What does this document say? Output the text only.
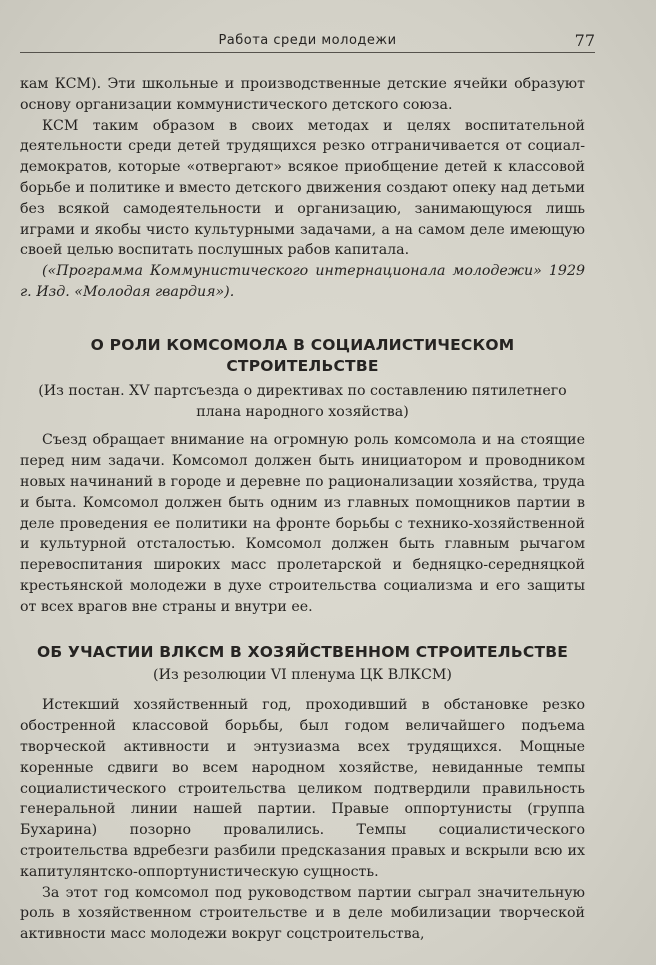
Работа среди молодежи	77

кам КСМ). Эти школьные и производственные детские ячейки образуют основу организации коммунистического детского союза.

КСМ таким образом в своих методах и целях воспитательной деятельности среди детей трудящихся резко отграничивается от социал-демократов, которые «отвергают» всякое приобщение детей к классовой борьбе и политике и вместо детского движения создают опеку над детьми без всякой самодеятельности и организацию, занимающуюся лишь играми и якобы чисто культурными задачами, а на самом деле имеющую своей целью воспитать послушных рабов капитала.

(«Программа Коммунистического интернационала молодежи» 1929 г. Изд. «Молодая гвардия»).

О РОЛИ КОМСОМОЛА В СОЦИАЛИСТИЧЕСКОМ
СТРОИТЕЛЬСТВЕ

(Из постан. XV партсъезда о директивах по составлению пятилетнего плана народного хозяйства)

Съезд обращает внимание на огромную роль комсомола и на стоящие перед ним задачи. Комсомол должен быть инициатором и проводником новых начинаний в городе и деревне по рационализации хозяйства, труда и быта. Комсомол должен быть одним из главных помощников партии в деле проведения ее политики на фронте борьбы с технико-хозяйственной и культурной отсталостью. Комсомол должен быть главным рычагом перевоспитания широких масс пролетарской и бедняцко-середняцкой крестьянской молодежи в духе строительства социализма и его защиты от всех врагов вне страны и внутри ее.

ОБ УЧАСТИИ ВЛКСМ В ХОЗЯЙСТВЕННОМ СТРОИТЕЛЬСТВЕ

(Из резолюции VI пленума ЦК ВЛКСМ)

Истекший хозяйственный год, проходивший в обстановке резко обостренной классовой борьбы, был годом величайшего подъема творческой активности и энтузиазма всех трудящихся. Мощные коренные сдвиги во всем народном хозяйстве, невиданные темпы социалистического строительства целиком подтвердили правильность генеральной линии нашей партии. Правые оппортунисты (группа Бухарина) позорно провалились. Темпы социалистического строительства вдребезги разбили предсказания правых и вскрыли всю их капитулянтско-оппортунистическую сущность.

За этот год комсомол под руководством партии сыграл значительную роль в хозяйственном строительстве и в деле мобилизации творческой активности масс молодежи вокруг соцстроительства,
